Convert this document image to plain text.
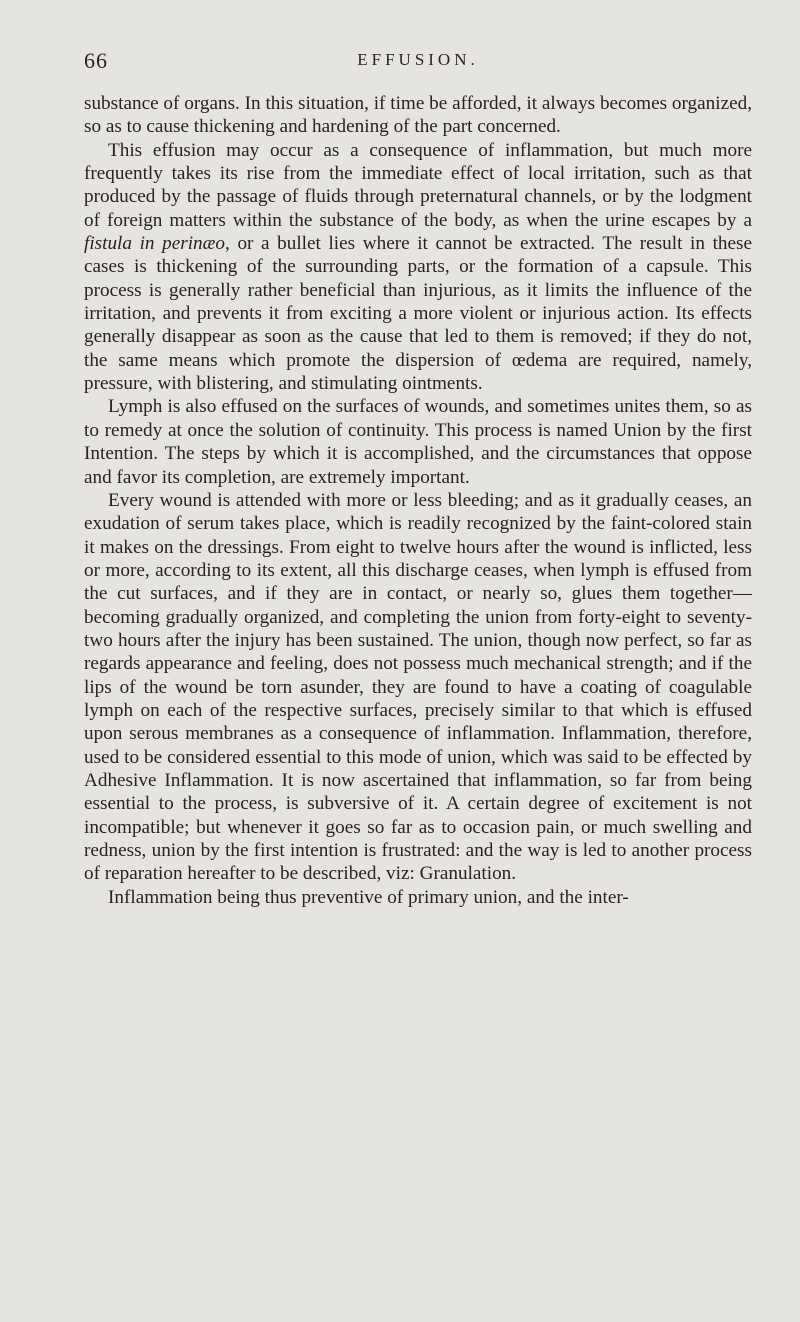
66	EFFUSION.

substance of organs. In this situation, if time be afforded, it always becomes organized, so as to cause thickening and hardening of the part concerned.

This effusion may occur as a consequence of inflammation, but much more frequently takes its rise from the immediate effect of local irritation, such as that produced by the passage of fluids through preternatural channels, or by the lodgment of foreign matters within the substance of the body, as when the urine escapes by a fistula in perinæo, or a bullet lies where it cannot be extracted. The result in these cases is thickening of the surrounding parts, or the formation of a capsule. This process is generally rather beneficial than injurious, as it limits the influence of the irritation, and prevents it from exciting a more violent or injurious action. Its effects generally disappear as soon as the cause that led to them is removed; if they do not, the same means which promote the dispersion of œdema are required, namely, pressure, with blistering, and stimulating ointments.

Lymph is also effused on the surfaces of wounds, and sometimes unites them, so as to remedy at once the solution of continuity. This process is named Union by the first Intention. The steps by which it is accomplished, and the circumstances that oppose and favor its completion, are extremely important.

Every wound is attended with more or less bleeding; and as it gradually ceases, an exudation of serum takes place, which is readily recognized by the faint-colored stain it makes on the dressings. From eight to twelve hours after the wound is inflicted, less or more, according to its extent, all this discharge ceases, when lymph is effused from the cut surfaces, and if they are in contact, or nearly so, glues them together—becoming gradually organized, and completing the union from forty-eight to seventy-two hours after the injury has been sustained. The union, though now perfect, so far as regards appearance and feeling, does not possess much mechanical strength; and if the lips of the wound be torn asunder, they are found to have a coating of coagulable lymph on each of the respective surfaces, precisely similar to that which is effused upon serous membranes as a consequence of inflammation. Inflammation, therefore, used to be considered essential to this mode of union, which was said to be effected by Adhesive Inflammation. It is now ascertained that inflammation, so far from being essential to the process, is subversive of it. A certain degree of excitement is not incompatible; but whenever it goes so far as to occasion pain, or much swelling and redness, union by the first intention is frustrated: and the way is led to another process of reparation hereafter to be described, viz: Granulation.

Inflammation being thus preventive of primary union, and the inter-
